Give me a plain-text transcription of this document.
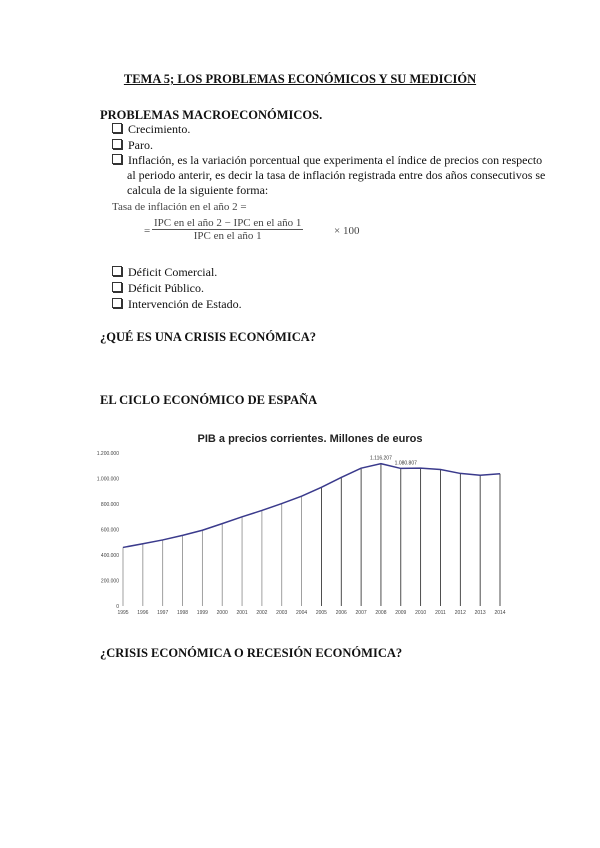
TEMA 5; LOS PROBLEMAS ECONÓMICOS Y SU MEDICIÓN
PROBLEMAS MACROECONÓMICOS.
Crecimiento.
Paro.
Inflación, es la variación porcentual que experimenta el índice de precios con respecto al periodo anterir, es decir la tasa de inflación registrada entre dos años consecutivos se calcula de la siguiente forma:
Tasa de inflación en el año 2 =
=
IPC en el año 2 − IPC en el año 1
IPC en el año 1	× 100
Déficit Comercial.
Déficit Público.
Intervención de Estado.
¿QUÉ ES UNA CRISIS ECONÓMICA?
EL CICLO ECONÓMICO DE ESPAÑA
PIB a precios corrientes. Millones de euros
0
200.000
400.000
600.000
800.000
1.000.000
1.200.000
1995 1996 1997 1998 1999 2000 2001 2002 2003 2004 2005 2006 2007 2008 2009 2010 2011 2012 2013 2014
1.116.207
1.080.807
¿CRISIS ECONÓMICA O RECESIÓN ECONÓMICA?
